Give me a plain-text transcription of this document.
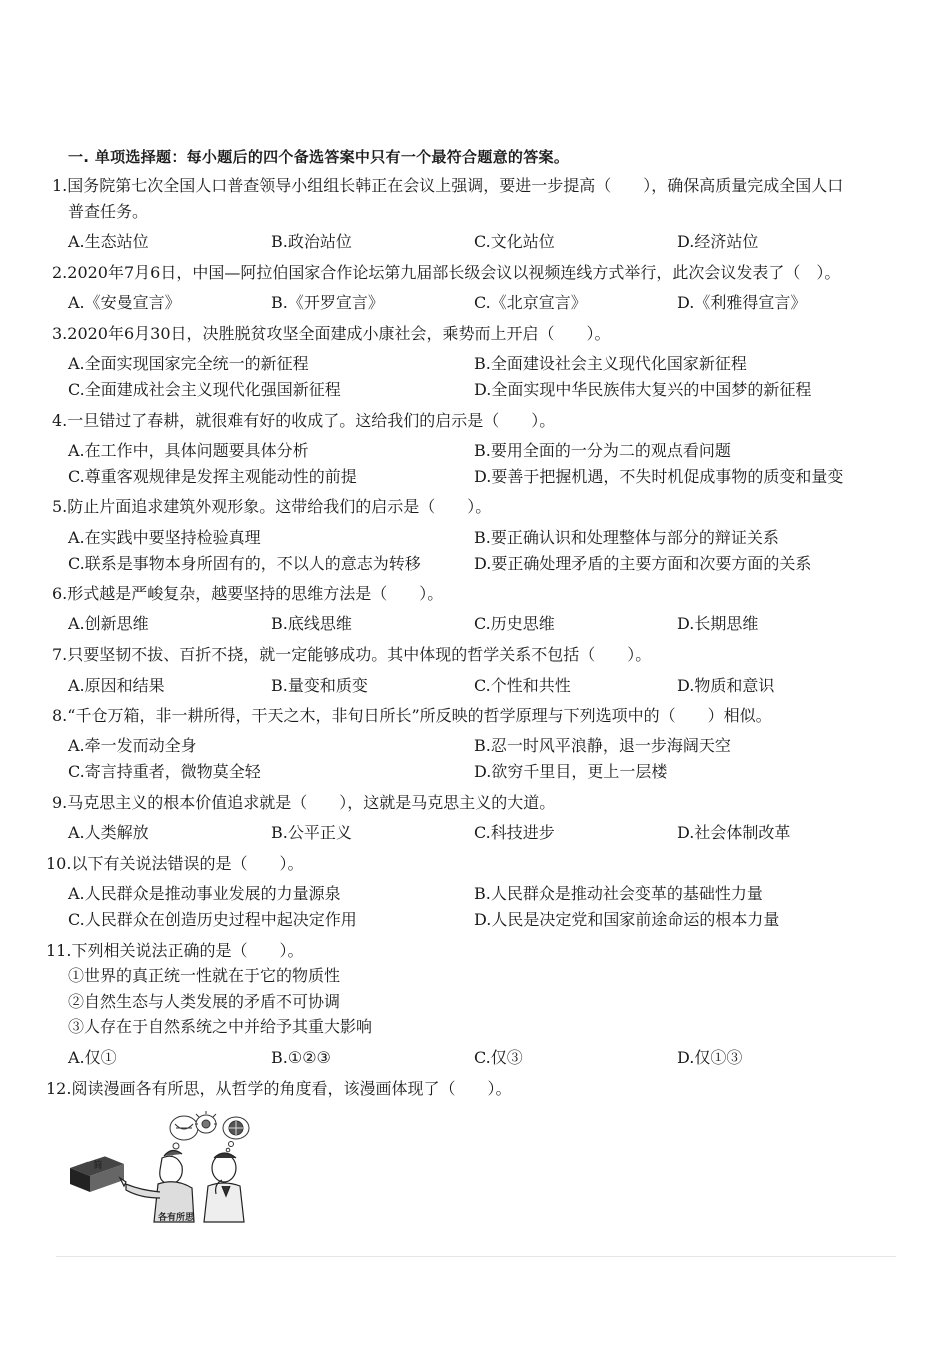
一. 单项选择题：每小题后的四个备选答案中只有一个最符合题意的答案。
1.国务院第七次全国人口普查领导小组组长韩正在会议上强调，要进一步提高（　　），确保高质量完成全国人口
普查任务。
A.生态站位	B.政治站位	C.文化站位	D.经济站位
2.2020年7月6日，中国—阿拉伯国家合作论坛第九届部长级会议以视频连线方式举行，此次会议发表了（　）。
A.《安曼宣言》	B.《开罗宣言》	C.《北京宣言》	D.《利雅得宣言》
3.2020年6月30日，决胜脱贫攻坚全面建成小康社会，乘势而上开启（　　）。
A.全面实现国家完全统一的新征程	B.全面建设社会主义现代化国家新征程
C.全面建成社会主义现代化强国新征程	D.全面实现中华民族伟大复兴的中国梦的新征程
4.一旦错过了春耕，就很难有好的收成了。这给我们的启示是（　　）。
A.在工作中，具体问题要具体分析	B.要用全面的一分为二的观点看问题
C.尊重客观规律是发挥主观能动性的前提	D.要善于把握机遇，不失时机促成事物的质变和量变
5.防止片面追求建筑外观形象。这带给我们的启示是（　　）。
A.在实践中要坚持检验真理	B.要正确认识和处理整体与部分的辩证关系
C.联系是事物本身所固有的，不以人的意志为转移	D.要正确处理矛盾的主要方面和次要方面的关系
6.形式越是严峻复杂，越要坚持的思维方法是（　　）。
A.创新思维	B.底线思维	C.历史思维	D.长期思维
7.只要坚韧不拔、百折不挠，就一定能够成功。其中体现的哲学关系不包括（　　）。
A.原因和结果	B.量变和质变	C.个性和共性	D.物质和意识
8.“千仓万箱，非一耕所得，干天之木，非旬日所长”所反映的哲学原理与下列选项中的（　　）相似。
A.牵一发而动全身	B.忍一时风平浪静，退一步海阔天空
C.寄言持重者，微物莫全轻	D.欲穷千里目，更上一层楼
9.马克思主义的根本价值追求就是（　　），这就是马克思主义的大道。
A.人类解放	B.公平正义	C.科技进步	D.社会体制改革
10.以下有关说法错误的是（　　）。
A.人民群众是推动事业发展的力量源泉	B.人民群众是推动社会变革的基础性力量
C.人民群众在创造历史过程中起决定作用	D.人民是决定党和国家前途命运的根本力量
11.下列相关说法正确的是（　　）。
①世界的真正统一性就在于它的物质性
②自然生态与人类发展的矛盾不可协调
③人存在于自然系统之中并给予其重大影响
A.仅①	B.①②③	C.仅③	D.仅①③
12.阅读漫画各有所思，从哲学的角度看，该漫画体现了（　　）。
简
各有所思
